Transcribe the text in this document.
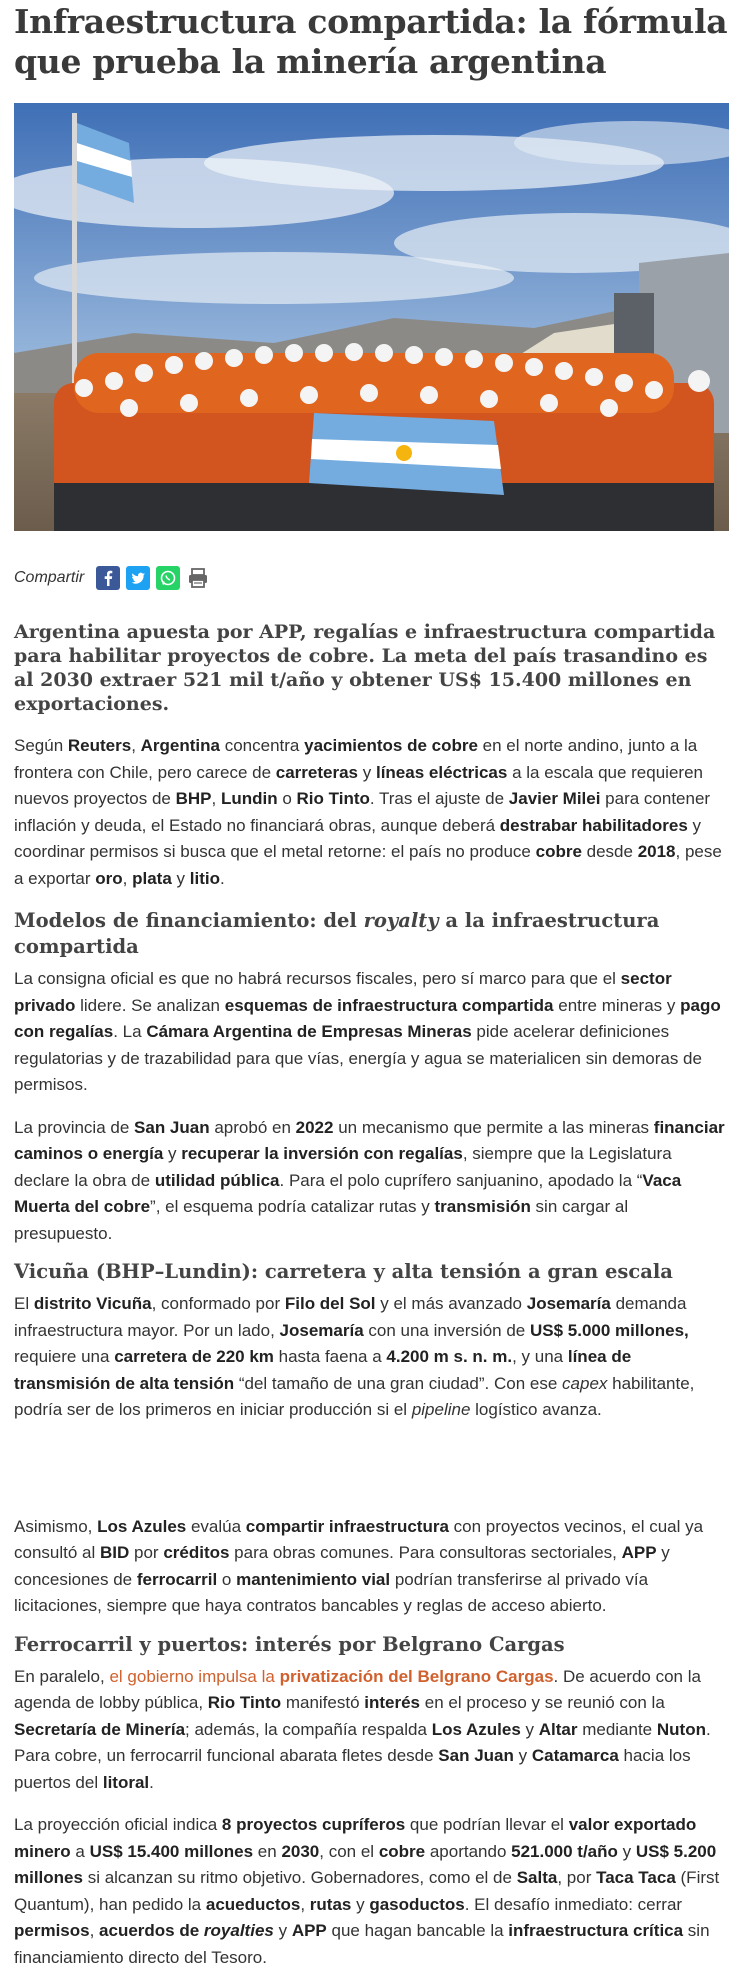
Infraestructura compartida: la fórmula que prueba la minería argentina
Compartir
Argentina apuesta por APP, regalías e infraestructura compartida para habilitar proyectos de cobre. La meta del país trasandino es al 2030 extraer 521 mil t/año y obtener US$ 15.400 millones en exportaciones.

Según Reuters, Argentina concentra yacimientos de cobre en el norte andino, junto a la frontera con Chile, pero carece de carreteras y líneas eléctricas a la escala que requieren nuevos proyectos de BHP, Lundin o Rio Tinto. Tras el ajuste de Javier Milei para contener inflación y deuda, el Estado no financiará obras, aunque deberá destrabar habilitadores y coordinar permisos si busca que el metal retorne: el país no produce cobre desde 2018, pese a exportar oro, plata y litio.

Modelos de financiamiento: del royalty a la infraestructura compartida

La consigna oficial es que no habrá recursos fiscales, pero sí marco para que el sector privado lidere. Se analizan esquemas de infraestructura compartida entre mineras y pago con regalías. La Cámara Argentina de Empresas Mineras pide acelerar definiciones regulatorias y de trazabilidad para que vías, energía y agua se materialicen sin demoras de permisos.

La provincia de San Juan aprobó en 2022 un mecanismo que permite a las mineras financiar caminos o energía y recuperar la inversión con regalías, siempre que la Legislatura declare la obra de utilidad pública. Para el polo cuprífero sanjuanino, apodado la “Vaca Muerta del cobre”, el esquema podría catalizar rutas y transmisión sin cargar al presupuesto.

Vicuña (BHP–Lundin): carretera y alta tensión a gran escala

El distrito Vicuña, conformado por Filo del Sol y el más avanzado Josemaría demanda infraestructura mayor. Por un lado, Josemaría con una inversión de US$ 5.000 millones, requiere una carretera de 220 km hasta faena a 4.200 m s. n. m., y una línea de transmisión de alta tensión “del tamaño de una gran ciudad”. Con ese capex habilitante, podría ser de los primeros en iniciar producción si el pipeline logístico avanza.

Asimismo, Los Azules evalúa compartir infraestructura con proyectos vecinos, el cual ya consultó al BID por créditos para obras comunes. Para consultoras sectoriales, APP y concesiones de ferrocarril o mantenimiento vial podrían transferirse al privado vía licitaciones, siempre que haya contratos bancables y reglas de acceso abierto.

Ferrocarril y puertos: interés por Belgrano Cargas

En paralelo, el gobierno impulsa la privatización del Belgrano Cargas. De acuerdo con la agenda de lobby pública, Rio Tinto manifestó interés en el proceso y se reunió con la Secretaría de Minería; además, la compañía respalda Los Azules y Altar mediante Nuton. Para cobre, un ferrocarril funcional abarata fletes desde San Juan y Catamarca hacia los puertos del litoral.

La proyección oficial indica 8 proyectos cupríferos que podrían llevar el valor exportado minero a US$ 15.400 millones en 2030, con el cobre aportando 521.000 t/año y US$ 5.200 millones si alcanzan su ritmo objetivo. Gobernadores, como el de Salta, por Taca Taca (First Quantum), han pedido la acueductos, rutas y gasoductos. El desafío inmediato: cerrar permisos, acuerdos de royalties y APP que hagan bancable la infraestructura crítica sin financiamiento directo del Tesoro.
